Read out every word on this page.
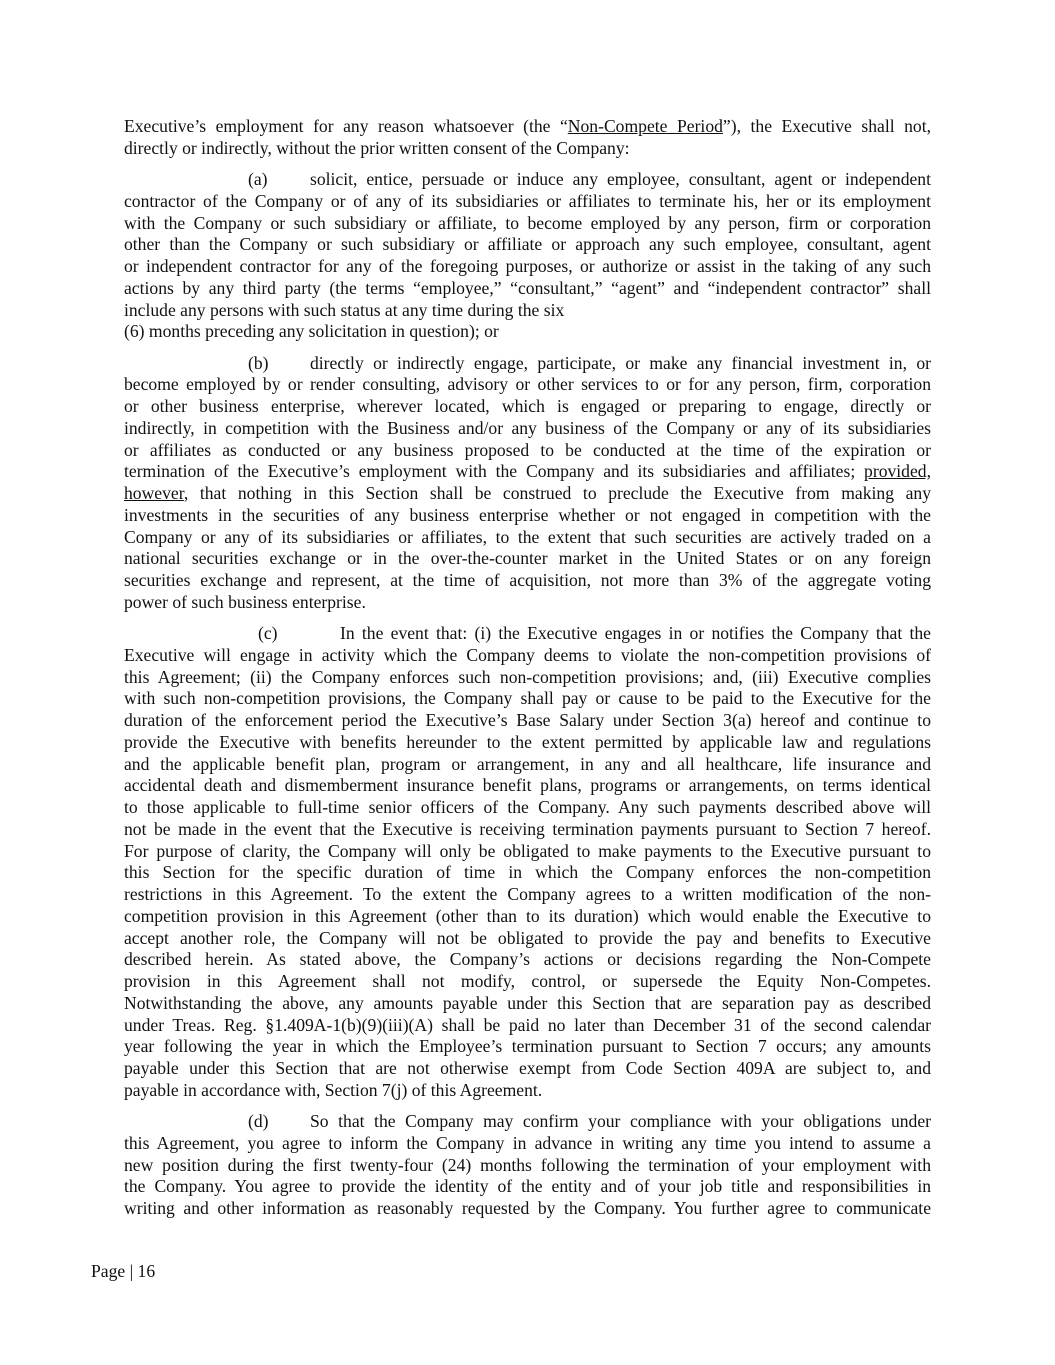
Executive’s employment for any reason whatsoever (the “Non-Compete Period”), the Executive shall not,
directly or indirectly, without the prior written consent of the Company:
(a) solicit, entice, persuade or induce any employee, consultant, agent or independent
contractor of the Company or of any of its subsidiaries or affiliates to terminate his, her or its employment
with the Company or such subsidiary or affiliate, to become employed by any person, firm or corporation
other than the Company or such subsidiary or affiliate or approach any such employee, consultant, agent
or independent contractor for any of the foregoing purposes, or authorize or assist in the taking of any such
actions by any third party (the terms “employee,” “consultant,” “agent” and “independent contractor” shall
include any persons with such status at any time during the six
(6) months preceding any solicitation in question); or
(b) directly or indirectly engage, participate, or make any financial investment in, or
become employed by or render consulting, advisory or other services to or for any person, firm, corporation
or other business enterprise, wherever located, which is engaged or preparing to engage, directly or
indirectly, in competition with the Business and/or any business of the Company or any of its subsidiaries
or affiliates as conducted or any business proposed to be conducted at the time of the expiration or
termination of the Executive’s employment with the Company and its subsidiaries and affiliates; provided,
however, that nothing in this Section shall be construed to preclude the Executive from making any
investments in the securities of any business enterprise whether or not engaged in competition with the
Company or any of its subsidiaries or affiliates, to the extent that such securities are actively traded on a
national securities exchange or in the over-the-counter market in the United States or on any foreign
securities exchange and represent, at the time of acquisition, not more than 3% of the aggregate voting
power of such business enterprise.
(c)	In the event that: (i) the Executive engages in or notifies the Company that the
Executive will engage in activity which the Company deems to violate the non-competition provisions of
this Agreement; (ii) the Company enforces such non-competition provisions; and, (iii) Executive complies
with such non-competition provisions, the Company shall pay or cause to be paid to the Executive for the
duration of the enforcement period the Executive’s Base Salary under Section 3(a) hereof and continue to
provide the Executive with benefits hereunder to the extent permitted by applicable law and regulations
and the applicable benefit plan, program or arrangement, in any and all healthcare, life insurance and
accidental death and dismemberment insurance benefit plans, programs or arrangements, on terms identical
to those applicable to full-time senior officers of the Company. Any such payments described above will
not be made in the event that the Executive is receiving termination payments pursuant to Section 7 hereof.
For purpose of clarity, the Company will only be obligated to make payments to the Executive pursuant to
this Section for the specific duration of time in which the Company enforces the non-competition
restrictions in this Agreement. To the extent the Company agrees to a written modification of the non-
competition provision in this Agreement (other than to its duration) which would enable the Executive to
accept another role, the Company will not be obligated to provide the pay and benefits to Executive
described herein. As stated above, the Company’s actions or decisions regarding the Non-Compete
provision in this Agreement shall not modify, control, or supersede the Equity Non-Competes.
Notwithstanding the above, any amounts payable under this Section that are separation pay as described
under Treas. Reg. §1.409A-1(b)(9)(iii)(A) shall be paid no later than December 31 of the second calendar
year following the year in which the Employee’s termination pursuant to Section 7 occurs; any amounts
payable under this Section that are not otherwise exempt from Code Section 409A are subject to, and
payable in accordance with, Section 7(j) of this Agreement.
(d) So that the Company may confirm your compliance with your obligations under
this Agreement, you agree to inform the Company in advance in writing any time you intend to assume a
new position during the first twenty-four (24) months following the termination of your employment with
the Company. You agree to provide the identity of the entity and of your job title and responsibilities in
writing and other information as reasonably requested by the Company. You further agree to communicate
Page | 16
